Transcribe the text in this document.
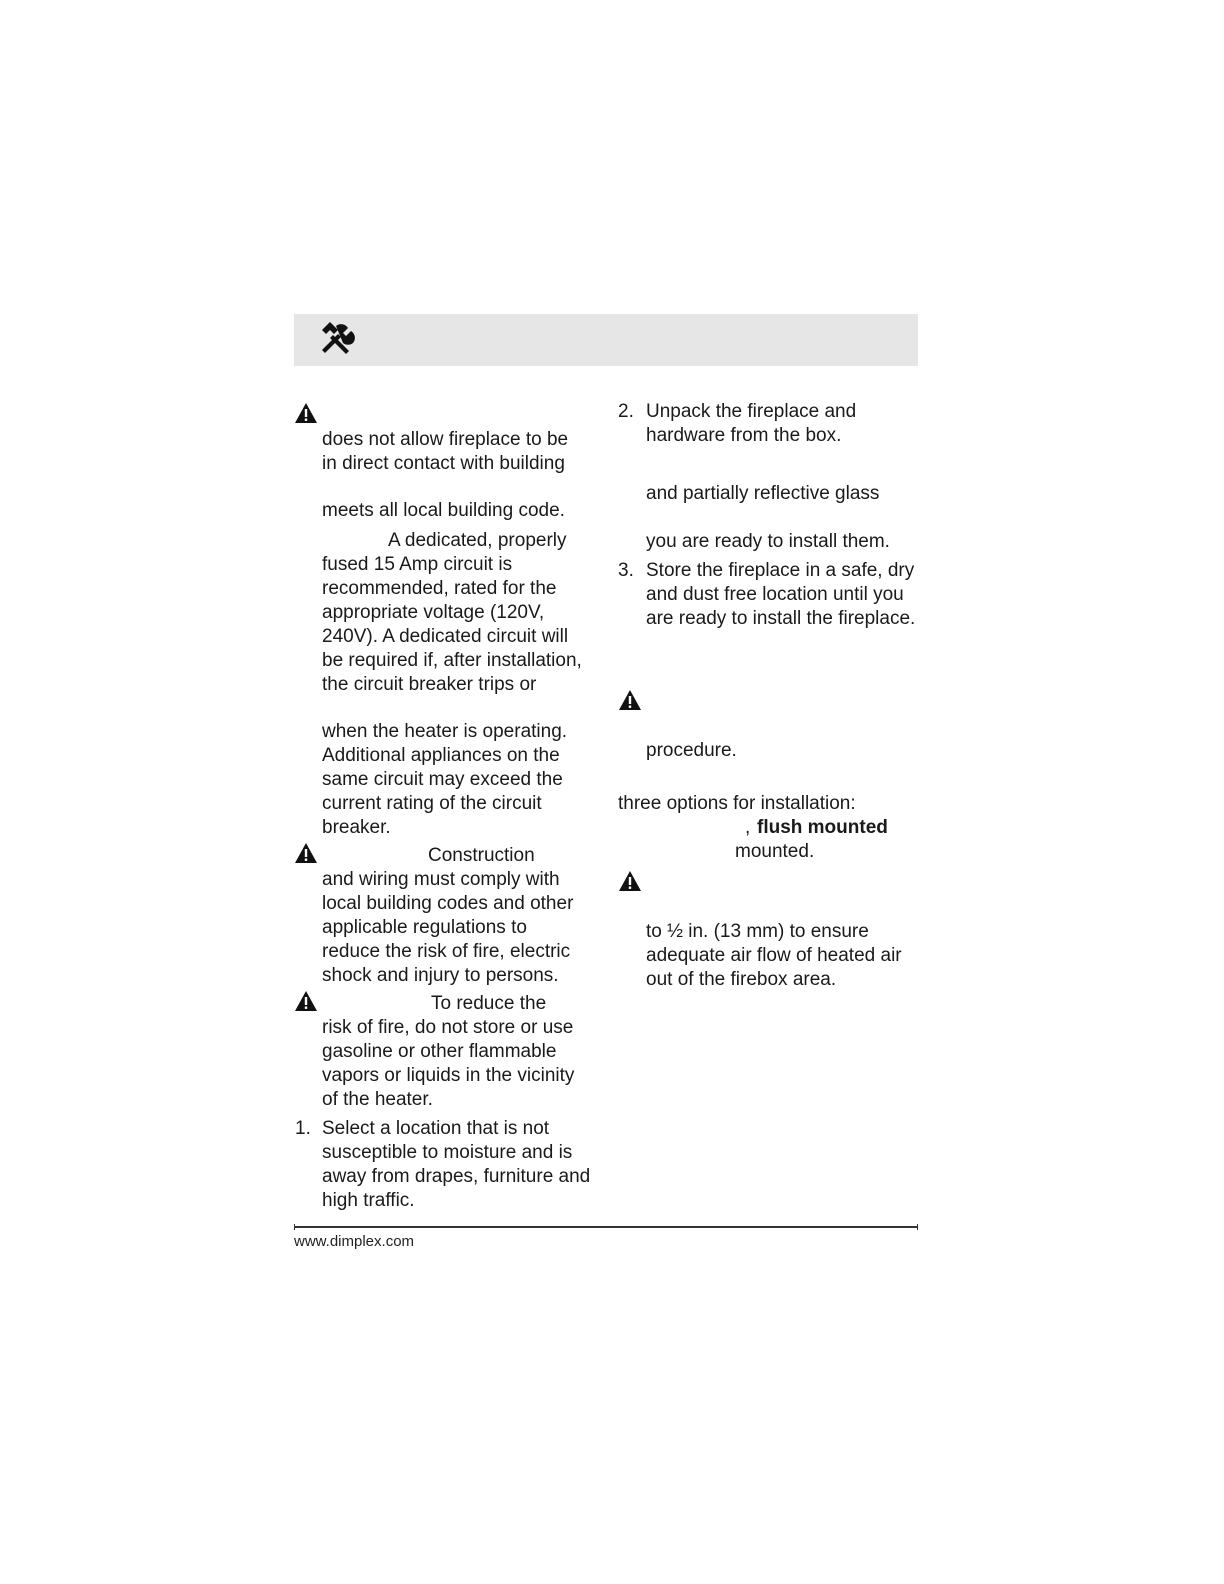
does not allow fireplace to be
in direct contact with building
meets all local building code.
A dedicated, properly
fused 15 Amp circuit is
recommended, rated for the
appropriate voltage (120V,
240V). A dedicated circuit will
be required if, after installation,
the circuit breaker trips or
when the heater is operating.
Additional appliances on the
same circuit may exceed the
current rating of the circuit
breaker.
Construction
and wiring must comply with
local building codes and other
applicable regulations to
reduce the risk of fire, electric
shock and injury to persons.
To reduce the
risk of fire, do not store or use
gasoline or other flammable
vapors or liquids in the vicinity
of the heater.
1. Select a location that is not
susceptible to moisture and is
away from drapes, furniture and
high traffic.
2. Unpack the fireplace and
hardware from the box.
and partially reflective glass
you are ready to install them.
3. Store the fireplace in a safe, dry
and dust free location until you
are ready to install the fireplace.
procedure.
three options for installation:
, flush mounted
mounted.
to ½ in. (13 mm) to ensure
adequate air flow of heated air
out of the firebox area.
www.dimplex.com
